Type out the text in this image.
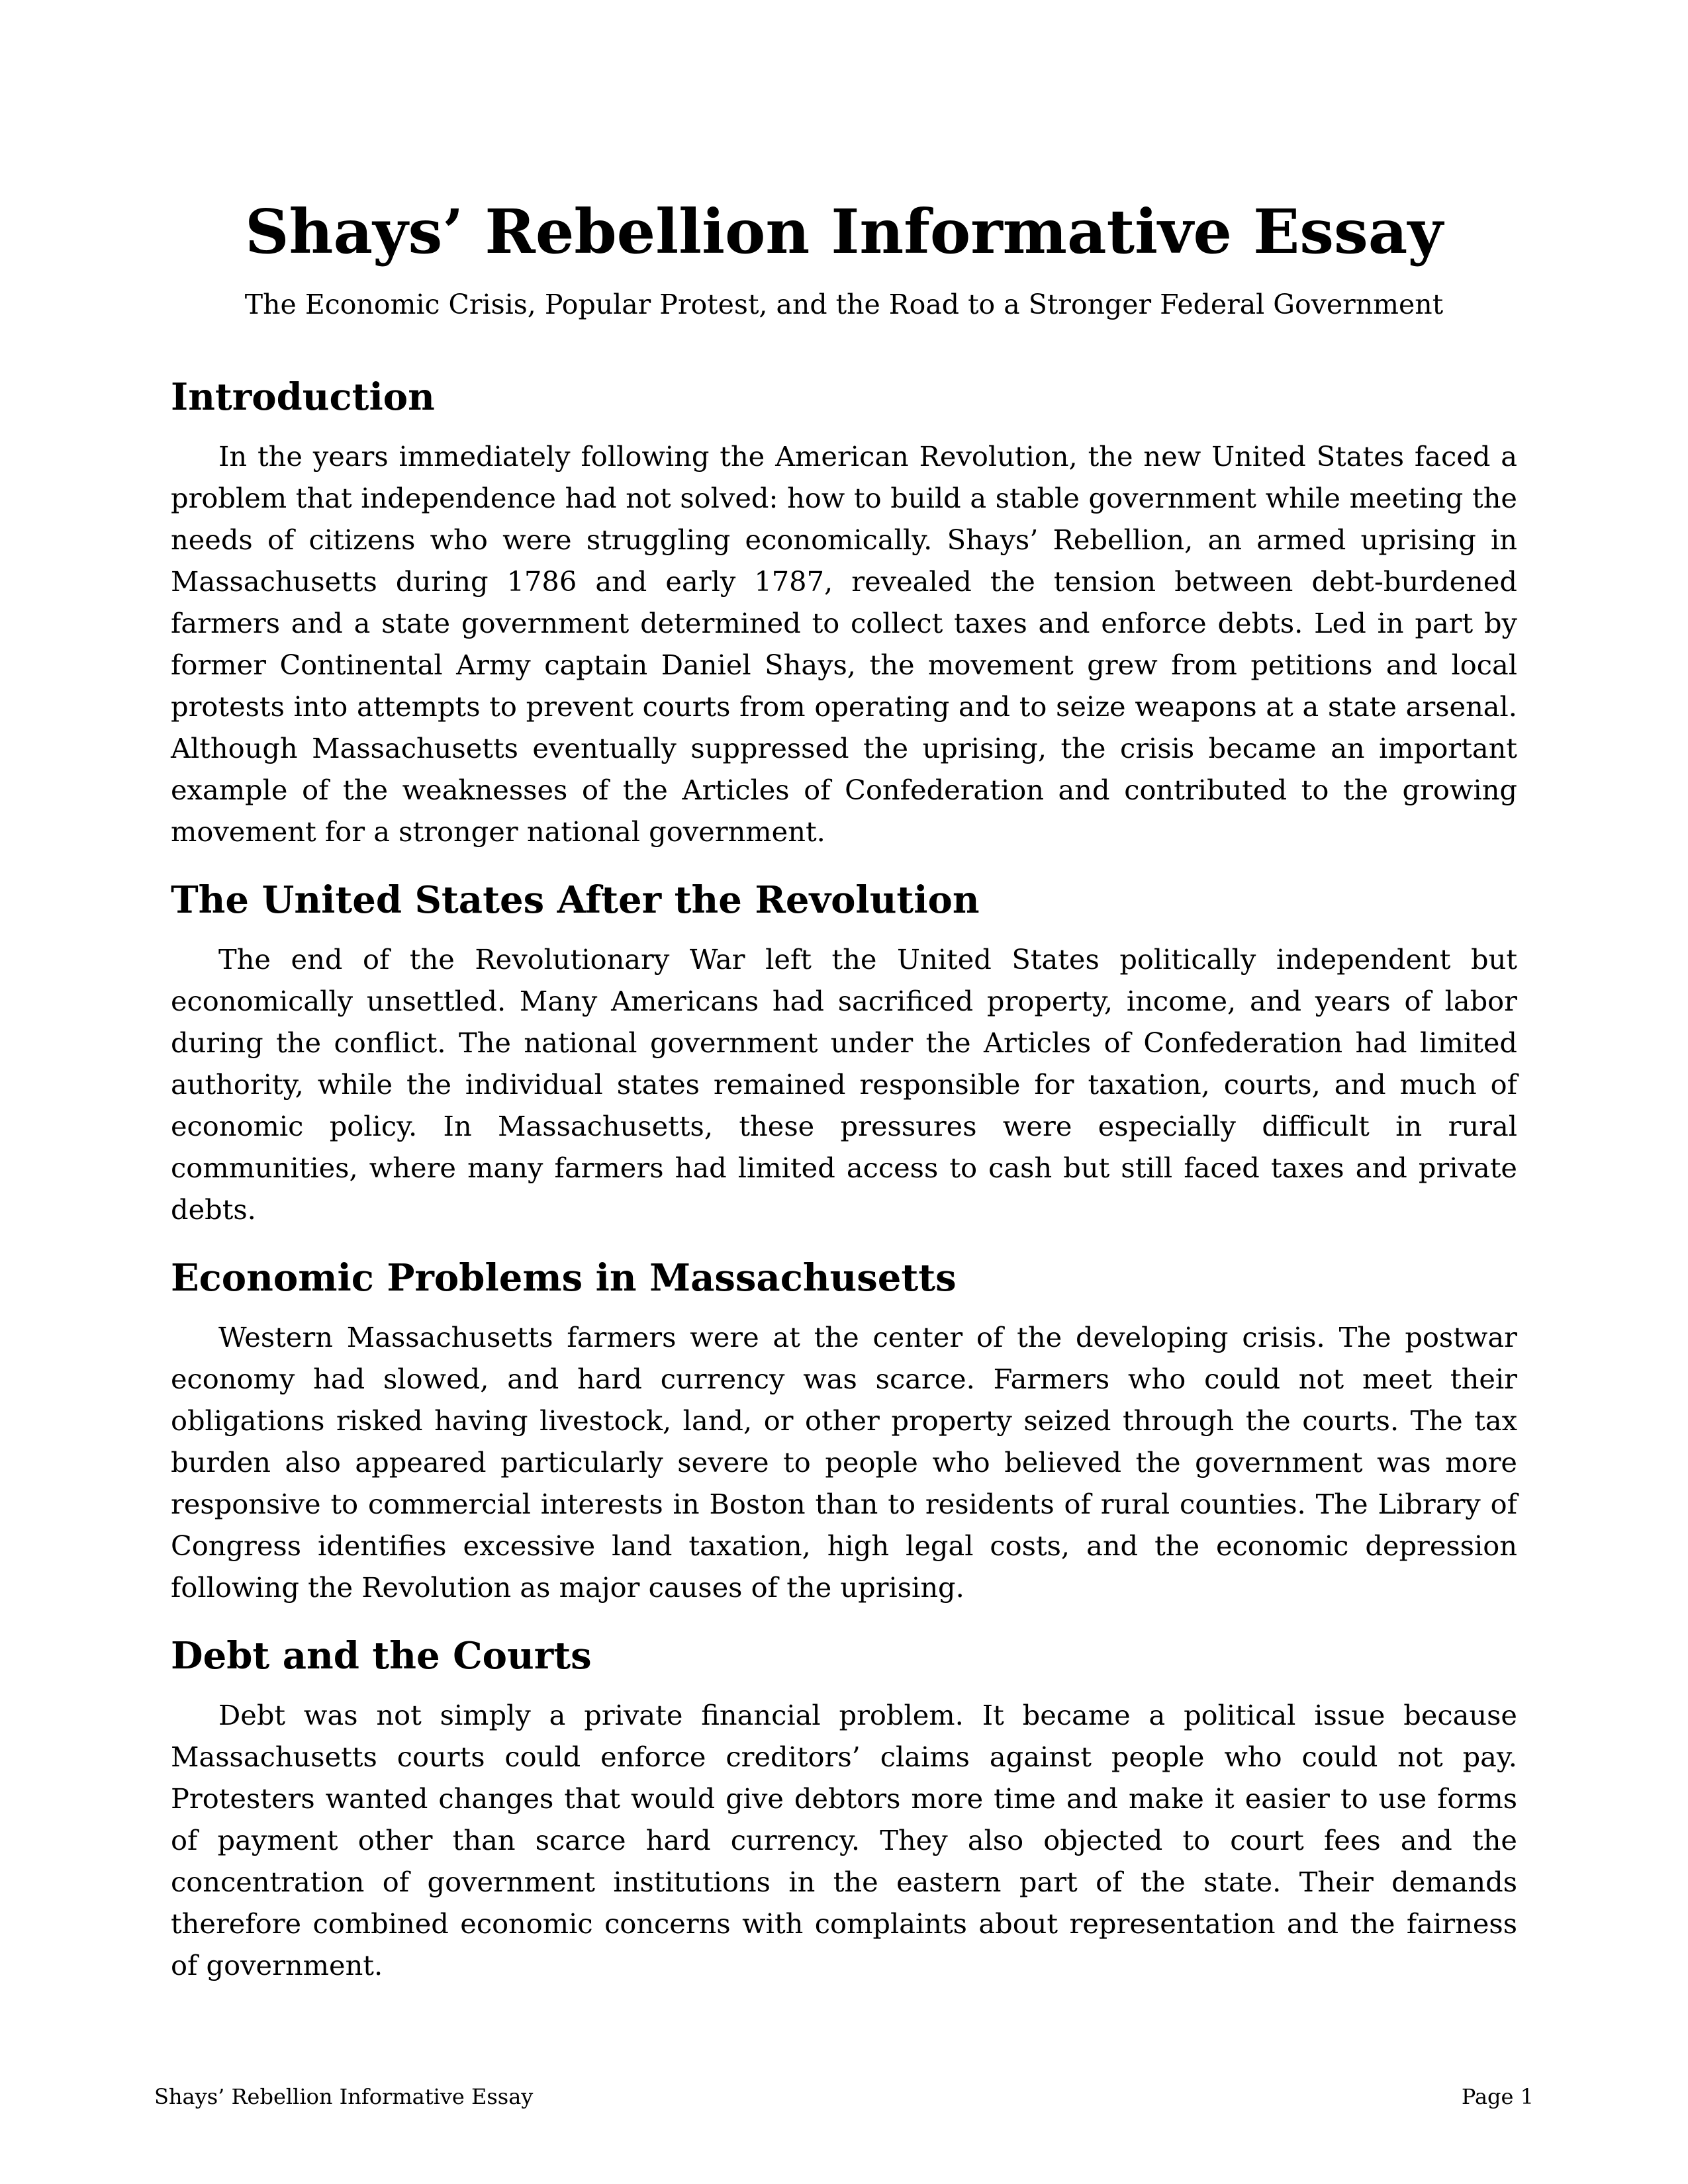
Shays’ Rebellion Informative Essay

The Economic Crisis, Popular Protest, and the Road to a Stronger Federal Government

Introduction

In the years immediately following the American Revolution, the new United States faced a problem that independence had not solved: how to build a stable government while meeting the needs of citizens who were struggling economically. Shays’ Rebellion, an armed uprising in Massachusetts during 1786 and early 1787, revealed the tension between debt-burdened farmers and a state government determined to collect taxes and enforce debts. Led in part by former Continental Army captain Daniel Shays, the movement grew from petitions and local protests into attempts to prevent courts from operating and to seize weapons at a state arsenal. Although Massachusetts eventually suppressed the uprising, the crisis became an important example of the weaknesses of the Articles of Confederation and contributed to the growing movement for a stronger national government.

The United States After the Revolution

The end of the Revolutionary War left the United States politically independent but economically unsettled. Many Americans had sacrificed property, income, and years of labor during the conflict. The national government under the Articles of Confederation had limited authority, while the individual states remained responsible for taxation, courts, and much of economic policy. In Massachusetts, these pressures were especially difficult in rural communities, where many farmers had limited access to cash but still faced taxes and private debts.

Economic Problems in Massachusetts

Western Massachusetts farmers were at the center of the developing crisis. The postwar economy had slowed, and hard currency was scarce. Farmers who could not meet their obligations risked having livestock, land, or other property seized through the courts. The tax burden also appeared particularly severe to people who believed the government was more responsive to commercial interests in Boston than to residents of rural counties. The Library of Congress identifies excessive land taxation, high legal costs, and the economic depression following the Revolution as major causes of the uprising.

Debt and the Courts

Debt was not simply a private financial problem. It became a political issue because Massachusetts courts could enforce creditors’ claims against people who could not pay. Protesters wanted changes that would give debtors more time and make it easier to use forms of payment other than scarce hard currency. They also objected to court fees and the concentration of government institutions in the eastern part of the state. Their demands therefore combined economic concerns with complaints about representation and the fairness of government.

Shays’ Rebellion Informative Essay	Page 1
